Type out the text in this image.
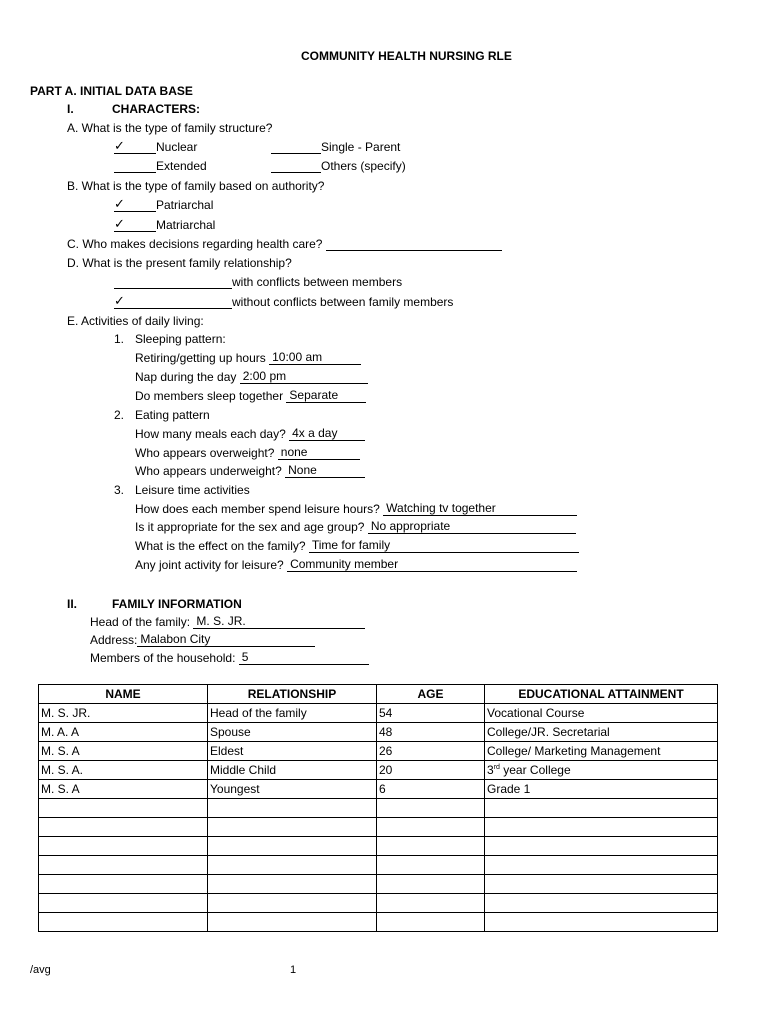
COMMUNITY HEALTH NURSING RLE
PART A. INITIAL DATA BASE
I.	CHARACTERS:
A. What is the type of family structure?
✓	Nuclear	Single - Parent
Extended	Others (specify)
B. What is the type of family based on authority?
✓	Patriarchal
✓	Matriarchal
C. Who makes decisions regarding health care?
D. What is the present family relationship?
with conflicts between members
✓	without conflicts between family members
E. Activities of daily living:
1. Sleeping pattern:
Retiring/getting up hours 10:00 am
Nap during the day 2:00 pm
Do members sleep together Separate
2. Eating pattern
How many meals each day? 4x a day
Who appears overweight? none
Who appears underweight? None
3. Leisure time activities
How does each member spend leisure hours? Watching tv together
Is it appropriate for the sex and age group? No appropriate
What is the effect on the family? Time for family
Any joint activity for leisure? Community member
II.	FAMILY INFORMATION
Head of the family: M. S. JR.
Address: Malabon City
Members of the household: 5
NAME	RELATIONSHIP	AGE	EDUCATIONAL ATTAINMENT
M. S. JR.	Head of the family	54	Vocational Course
M. A. A	Spouse	48	College/JR. Secretarial
M. S. A	Eldest	26	College/ Marketing Management
M. S. A.	Middle Child	20	3rd year College
M. S. A	Youngest	6	Grade 1

/avg	1
